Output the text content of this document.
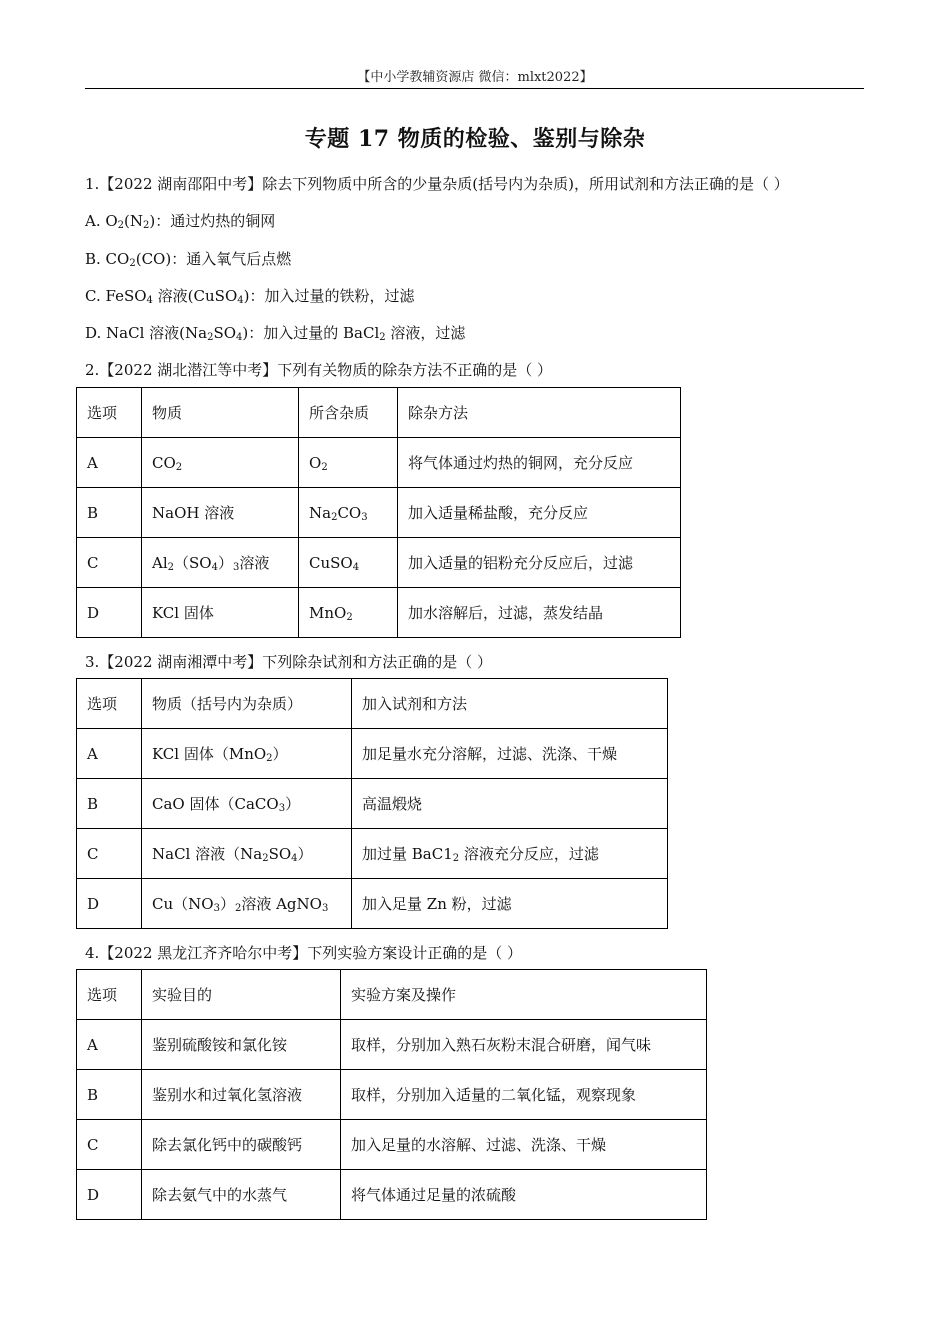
【中小学教辅资源店 微信：mlxt2022】
专题 17 物质的检验、鉴别与除杂
1.【2022 湖南邵阳中考】除去下列物质中所含的少量杂质(括号内为杂质)，所用试剂和方法正确的是（ ）
A. $O_2(N_2)$：通过灼热的铜网
B. $CO_2(CO)$：通入氧气后点燃
C. FeSO$_4$ 溶液(CuSO$_4$)：加入过量的铁粉，过滤
D. NaCl 溶液$(Na_2SO_4)$：加入过量的 BaCl$_2$ 溶液，过滤
2.【2022 湖北潜江等中考】下列有关物质的除杂方法不正确的是（ ）
选项	物质	所含杂质	除杂方法
A	$CO_2$	$O_2$	将气体通过灼热的铜网，充分反应
B	NaOH 溶液	$Na_2CO_3$	加入适量稀盐酸，充分反应
C	$Al_2(SO_4)_3$溶液	CuSO$_4$	加入适量的铝粉充分反应后，过滤
D	KCl 固体	MnO$_2$	加水溶解后，过滤，蒸发结晶
3.【2022 湖南湘潭中考】下列除杂试剂和方法正确的是（ ）
选项	物质（括号内为杂质）	加入试剂和方法
A	KCl 固体（MnO$_2$）	加足量水充分溶解，过滤、洗涤、干燥
B	CaO 固体（CaCO$_3$）	高温煅烧
C	NaCl 溶液$(Na_2SO_4)$	加过量 $BaC1_2$ 溶液充分反应，过滤
D	$Cu(NO_3)_2$溶液 AgNO$_3$	加入足量 Zn 粉，过滤
4.【2022 黑龙江齐齐哈尔中考】下列实验方案设计正确的是（ ）
选项	实验目的	实验方案及操作
A	鉴别硫酸铵和氯化铵	取样，分别加入熟石灰粉末混合研磨，闻气味
B	鉴别水和过氧化氢溶液	取样，分别加入适量的二氧化锰，观察现象
C	除去氯化钙中的碳酸钙	加入足量的水溶解、过滤、洗涤、干燥
D	除去氨气中的水蒸气	将气体通过足量的浓硫酸
